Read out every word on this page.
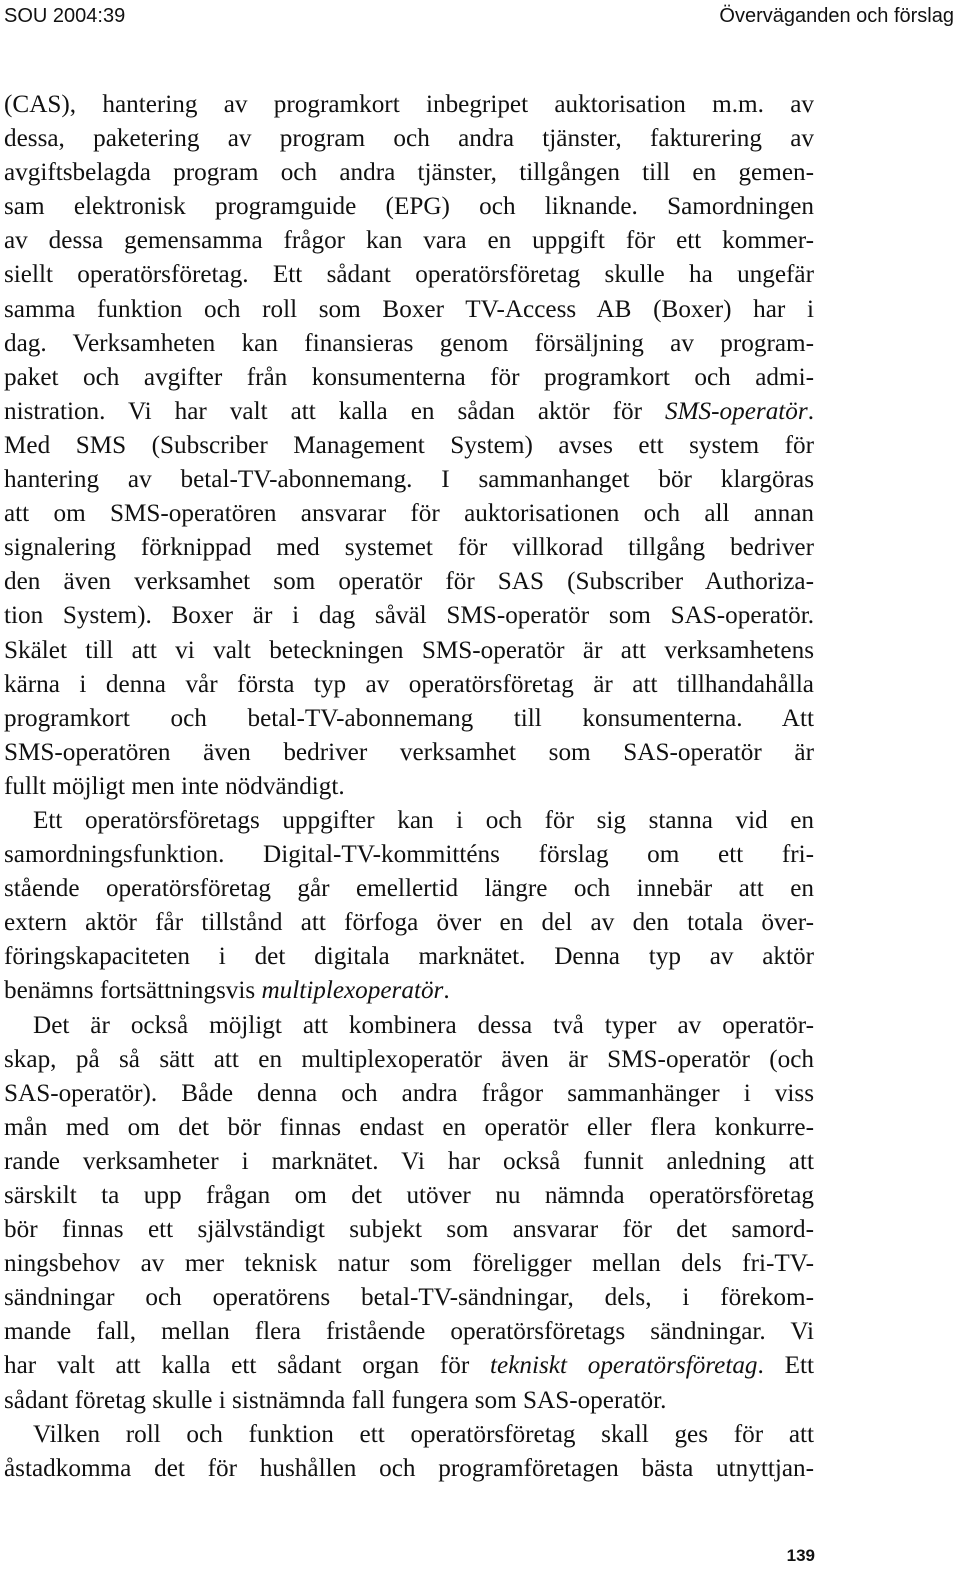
SOU 2004:39	Överväganden och förslag
(CAS), hantering av programkort inbegripet auktorisation m.m. av
dessa, paketering av program och andra tjänster, fakturering av
avgiftsbelagda program och andra tjänster, tillgången till en gemen-
sam elektronisk programguide (EPG) och liknande. Samordningen
av dessa gemensamma frågor kan vara en uppgift för ett kommer-
siellt operatörsföretag. Ett sådant operatörsföretag skulle ha ungefär
samma funktion och roll som Boxer TV-Access AB (Boxer) har i
dag. Verksamheten kan finansieras genom försäljning av program-
paket och avgifter från konsumenterna för programkort och admi-
nistration. Vi har valt att kalla en sådan aktör för SMS-operatör.
Med SMS (Subscriber Management System) avses ett system för
hantering av betal-TV-abonnemang. I sammanhanget bör klargöras
att om SMS-operatören ansvarar för auktorisationen och all annan
signalering förknippad med systemet för villkorad tillgång bedriver
den även verksamhet som operatör för SAS (Subscriber Authoriza-
tion System). Boxer är i dag såväl SMS-operatör som SAS-operatör.
Skälet till att vi valt beteckningen SMS-operatör är att verksamhetens
kärna i denna vår första typ av operatörsföretag är att tillhandahålla
programkort och betal-TV-abonnemang till konsumenterna. Att
SMS-operatören även bedriver verksamhet som SAS-operatör är
fullt möjligt men inte nödvändigt.
Ett operatörsföretags uppgifter kan i och för sig stanna vid en
samordningsfunktion. Digital-TV-kommitténs förslag om ett fri-
stående operatörsföretag går emellertid längre och innebär att en
extern aktör får tillstånd att förfoga över en del av den totala över-
föringskapaciteten i det digitala marknätet. Denna typ av aktör
benämns fortsättningsvis multiplexoperatör.
Det är också möjligt att kombinera dessa två typer av operatör-
skap, på så sätt att en multiplexoperatör även är SMS-operatör (och
SAS-operatör). Både denna och andra frågor sammanhänger i viss
mån med om det bör finnas endast en operatör eller flera konkurre-
rande verksamheter i marknätet. Vi har också funnit anledning att
särskilt ta upp frågan om det utöver nu nämnda operatörsföretag
bör finnas ett självständigt subjekt som ansvarar för det samord-
ningsbehov av mer teknisk natur som föreligger mellan dels fri-TV-
sändningar och operatörens betal-TV-sändningar, dels, i förekom-
mande fall, mellan flera fristående operatörsföretags sändningar. Vi
har valt att kalla ett sådant organ för tekniskt operatörsföretag. Ett
sådant företag skulle i sistnämnda fall fungera som SAS-operatör.
Vilken roll och funktion ett operatörsföretag skall ges för att
åstadkomma det för hushållen och programföretagen bästa utnyttjan-
139
